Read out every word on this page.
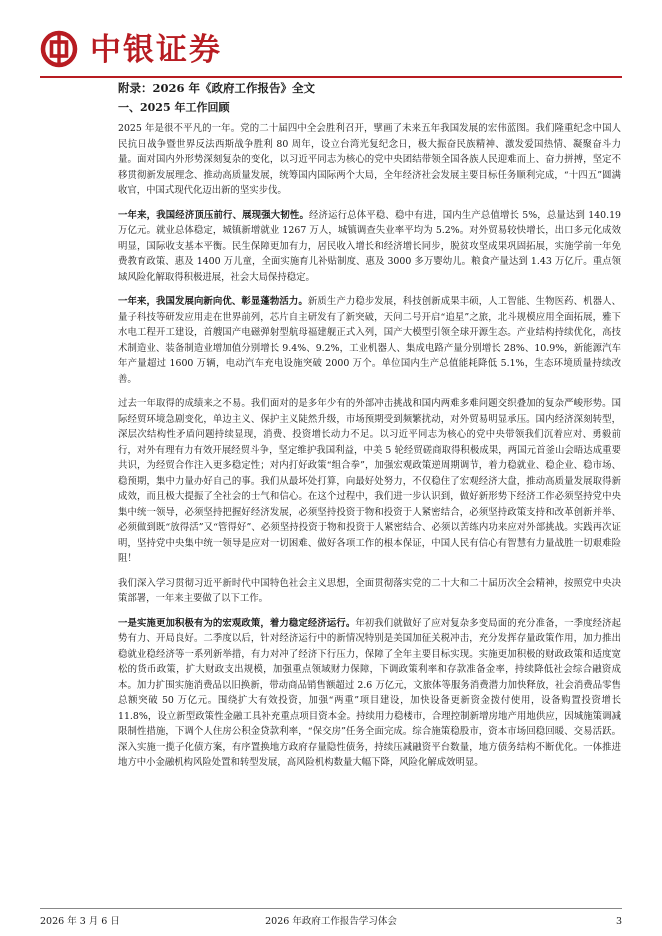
中银证券
附录：2026 年《政府工作报告》全文
一、2025 年工作回顾

2025 年是很不平凡的一年。党的二十届四中全会胜利召开，擘画了未来五年我国发展的宏伟蓝图。我们隆重纪念中国人民抗日战争暨世界反法西斯战争胜利 80 周年，设立台湾光复纪念日，极大振奋民族精神、激发爱国热情、凝聚奋斗力量。面对国内外形势深刻复杂的变化，以习近平同志为核心的党中央团结带领全国各族人民迎难而上、奋力拼搏，坚定不移贯彻新发展理念、推动高质量发展，统筹国内国际两个大局，全年经济社会发展主要目标任务顺利完成，“十四五”圆满收官，中国式现代化迈出新的坚实步伐。

一年来，我国经济顶压前行、展现强大韧性。经济运行总体平稳、稳中有进，国内生产总值增长 5%，总量达到 140.19 万亿元。就业总体稳定，城镇新增就业 1267 万人，城镇调查失业率平均为 5.2%。对外贸易较快增长，出口多元化成效明显，国际收支基本平衡。民生保障更加有力，居民收入增长和经济增长同步，脱贫攻坚成果巩固拓展，实施学前一年免费教育政策、惠及 1400 万儿童，全面实施育儿补贴制度、惠及 3000 多万婴幼儿。粮食产量达到 1.43 万亿斤。重点领域风险化解取得积极进展，社会大局保持稳定。

一年来，我国发展向新向优、彰显蓬勃活力。新质生产力稳步发展，科技创新成果丰硕，人工智能、生物医药、机器人、量子科技等研发应用走在世界前列，芯片自主研发有了新突破，天问二号开启“追星”之旅，北斗规模应用全面拓展，雅下水电工程开工建设，首艘国产电磁弹射型航母福建舰正式入列，国产大模型引领全球开源生态。产业结构持续优化，高技术制造业、装备制造业增加值分别增长 9.4%、9.2%，工业机器人、集成电路产量分别增长 28%、10.9%，新能源汽车年产量超过 1600 万辆，电动汽车充电设施突破 2000 万个。单位国内生产总值能耗降低 5.1%，生态环境质量持续改善。

过去一年取得的成绩来之不易。我们面对的是多年少有的外部冲击挑战和国内两难多难问题交织叠加的复杂严峻形势。国际经贸环境急剧变化，单边主义、保护主义陡然升级，市场预期受到频繁扰动，对外贸易明显承压。国内经济深刻转型，深层次结构性矛盾问题持续显现，消费、投资增长动力不足。以习近平同志为核心的党中央带领我们沉着应对、勇毅前行，对外有理有力有效开展经贸斗争，坚定维护我国利益，中美 5 轮经贸磋商取得积极成果，两国元首釜山会晤达成重要共识，为经贸合作注入更多稳定性；对内打好政策“组合拳”，加强宏观政策逆周期调节，着力稳就业、稳企业、稳市场、稳预期，集中力量办好自己的事。我们从最坏处打算，向最好处努力，不仅稳住了宏观经济大盘，推动高质量发展取得新成效，而且极大提振了全社会的士气和信心。在这个过程中，我们进一步认识到，做好新形势下经济工作必须坚持党中央集中统一领导，必须坚持把握好经济发展，必须坚持投资于物和投资于人紧密结合，必须坚持政策支持和改革创新并举、必须做到既“放得活”又“管得好”、必须坚持投资于物和投资于人紧密结合、必须以苦练内功来应对外部挑战。实践再次证明，坚持党中央集中统一领导是应对一切困难、做好各项工作的根本保证，中国人民有信心有智慧有力量战胜一切艰难险阻！

我们深入学习贯彻习近平新时代中国特色社会主义思想，全面贯彻落实党的二十大和二十届历次全会精神，按照党中央决策部署，一年来主要做了以下工作。

一是实施更加积极有为的宏观政策，着力稳定经济运行。年初我们就做好了应对复杂多变局面的充分准备，一季度经济起势有力、开局良好。二季度以后，针对经济运行中的新情况特别是美国加征关税冲击，充分发挥存量政策作用，加力推出稳就业稳经济等一系列新举措，有力对冲了经济下行压力，保障了全年主要目标实现。实施更加积极的财政政策和适度宽松的货币政策，扩大财政支出规模，加强重点领域财力保障，下调政策利率和存款准备金率，持续降低社会综合融资成本。加力扩围实施消费品以旧换新，带动商品销售额超过 2.6 万亿元，文旅体等服务消费潜力加快释放，社会消费品零售总额突破 50 万亿元。围绕扩大有效投资，加强“两重”项目建设，加快设备更新资金拨付使用，设备购置投资增长 11.8%，设立新型政策性金融工具补充重点项目资本金。持续用力稳楼市，合理控制新增房地产用地供应，因城施策调减限制性措施，下调个人住房公积金贷款利率，“保交房”任务全面完成。综合施策稳股市，资本市场回稳回暖、交易活跃。深入实施一揽子化债方案，有序置换地方政府存量隐性债务，持续压减融资平台数量，地方债务结构不断优化。一体推进地方中小金融机构风险处置和转型发展，高风险机构数量大幅下降，风险化解成效明显。

2026 年 3 月 6 日	2026 年政府工作报告学习体会	3
